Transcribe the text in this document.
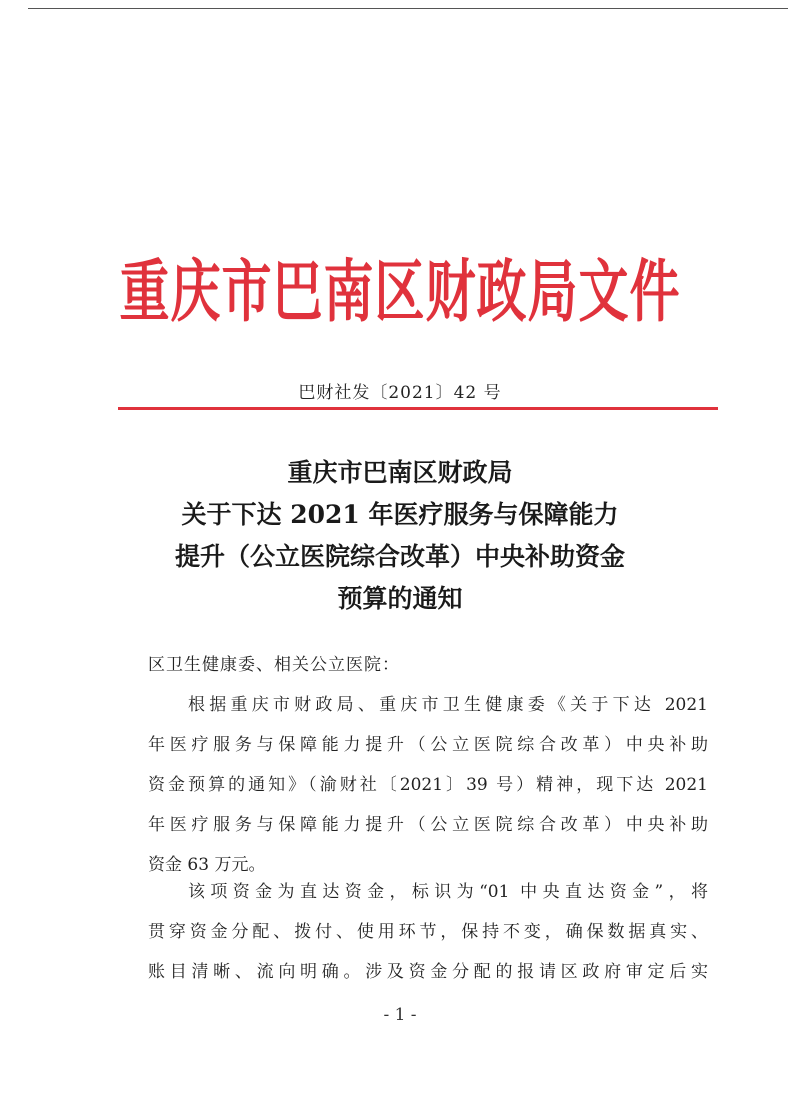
重庆市巴南区财政局文件
巴财社发〔2021〕42 号
重庆市巴南区财政局
关于下达 2021 年医疗服务与保障能力
提升（公立医院综合改革）中央补助资金
预算的通知
区卫生健康委、相关公立医院：
根据重庆市财政局、重庆市卫生健康委《关于下达 2021
年医疗服务与保障能力提升（公立医院综合改革）中央补助
资金预算的通知》（渝财社〔2021〕39 号）精神，现下达 2021
年医疗服务与保障能力提升（公立医院综合改革）中央补助
资金 63 万元。
该项资金为直达资金，标识为“01 中央直达资金”，将
贯穿资金分配、拨付、使用环节，保持不变，确保数据真实、
账目清晰、流向明确。涉及资金分配的报请区政府审定后实
- 1 -
